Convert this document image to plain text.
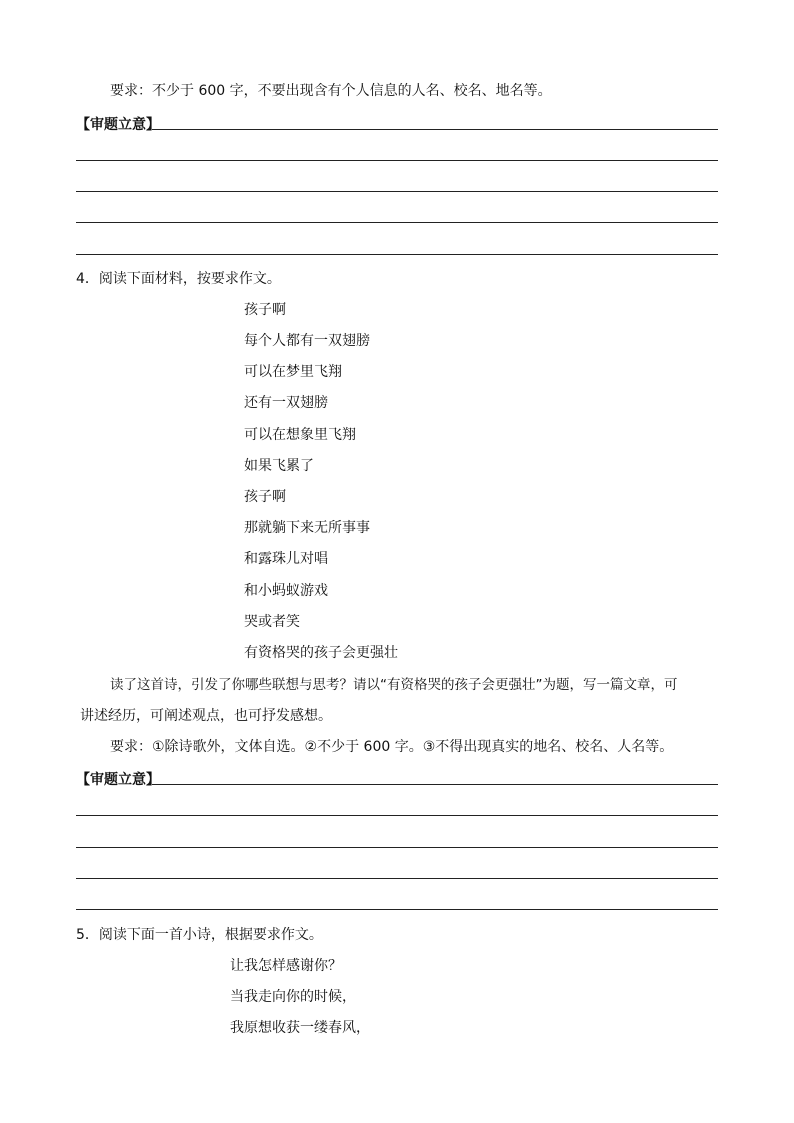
要求：不少于 600 字，不要出现含有个人信息的人名、校名、地名等。
【审题立意】
4．阅读下面材料，按要求作文。
孩子啊
每个人都有一双翅膀
可以在梦里飞翔
还有一双翅膀
可以在想象里飞翔
如果飞累了
孩子啊
那就躺下来无所事事
和露珠儿对唱
和小蚂蚁游戏
哭或者笑
有资格哭的孩子会更强壮
读了这首诗，引发了你哪些联想与思考？请以“有资格哭的孩子会更强壮”为题，写一篇文章，可
讲述经历，可阐述观点，也可抒发感想。
要求：①除诗歌外，文体自选。②不少于 600 字。③不得出现真实的地名、校名、人名等。
【审题立意】
5．阅读下面一首小诗，根据要求作文。
让我怎样感谢你？
当我走向你的时候，
我原想收获一缕春风，
